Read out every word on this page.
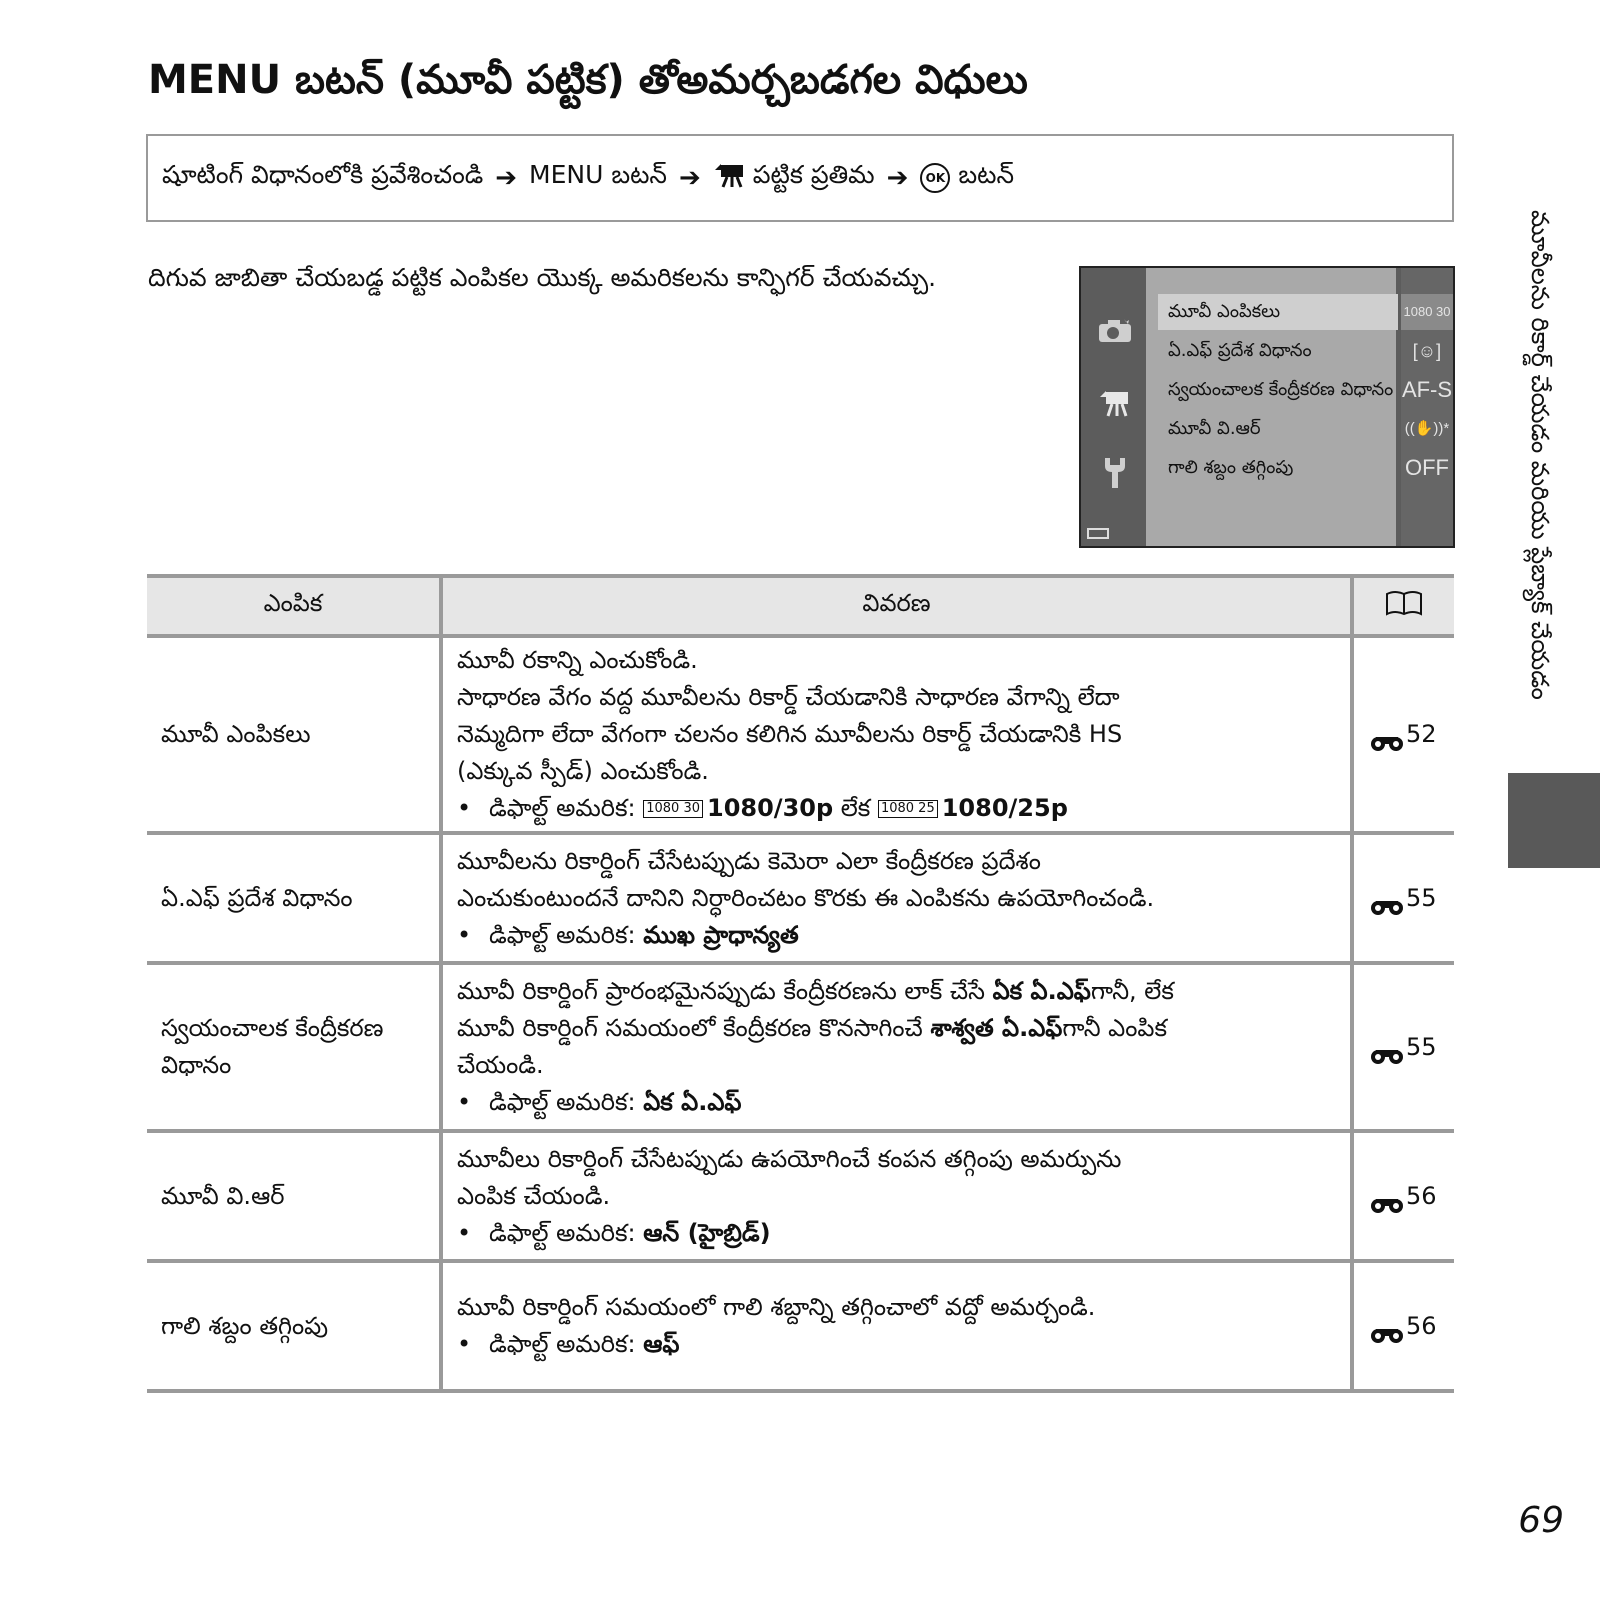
MENU బటన్ (మూవీ పట్టిక) తోఅమర్చబడగల విధులు
షూటింగ్ విధానంలోకి ప్రవేశించండి ➔ MENU బటన్ ➔ పట్టిక ప్రతిమ ➔	OK బటన్

దిగువ జాబితా చేయబడ్డ పట్టిక ఎంపికల యొక్క అమరికలను కాన్ఫిగర్ చేయవచ్చు.

మూవీ ఎంపికలు
ఏ.ఎఫ్ ప్రదేశ విధానం
స్వయంచాలక కేంద్రీకరణ విధానం
మూవీ వి.ఆర్
గాలి శబ్దం తగ్గింపు
1080 30
[☺]
AF-S
((✋))*
OFF
ఎంపిక	వివరణ	
మూవీ ఎంపికలు	మూవీ రకాన్ని ఎంచుకోండి.
సాధారణ వేగం వద్ద మూవీలను రికార్డ్ చేయడానికి సాధారణ వేగాన్ని లేదా
నెమ్మదిగా లేదా వేగంగా చలనం కలిగిన మూవీలను రికార్డ్ చేయడానికి HS
(ఎక్కువ స్పీడ్) ఎంచుకోండి.
• డిఫాల్ట్ అమరిక: 1080 30 1080/30p లేక 1080 25 1080/25p	52
ఏ.ఎఫ్ ప్రదేశ విధానం	మూవీలను రికార్డింగ్ చేసేటప్పుడు కెమెరా ఎలా కేంద్రీకరణ ప్రదేశం
ఎంచుకుంటుందనే దానిని నిర్ధారించటం కొరకు ఈ ఎంపికను ఉపయోగించండి.
• డిఫాల్ట్ అమరిక: ముఖ ప్రాధాన్యత	55
స్వయంచాలక కేంద్రీకరణ విధానం	మూవీ రికార్డింగ్ ప్రారంభమైనప్పుడు కేంద్రీకరణను లాక్ చేసే ఏక ఏ.ఎఫ్గానీ, లేక
మూవీ రికార్డింగ్ సమయంలో కేంద్రీకరణ కొనసాగించే శాశ్వత ఏ.ఎఫ్గానీ ఎంపిక
చేయండి.
• డిఫాల్ట్ అమరిక: ఏక ఏ.ఎఫ్	55
మూవీ వి.ఆర్	మూవీలు రికార్డింగ్ చేసేటప్పుడు ఉపయోగించే కంపన తగ్గింపు అమర్పును
ఎంపిక చేయండి.
• డిఫాల్ట్ అమరిక: ఆన్ (హైబ్రిడ్)	56
గాలి శబ్దం తగ్గింపు	మూవీ రికార్డింగ్ సమయంలో గాలి శబ్దాన్ని తగ్గించాలో వద్దో అమర్చండి.
• డిఫాల్ట్ అమరిక: ఆఫ్	56
మూవీలను రికార్డ్ చేయడం మరియు ప్లేబ్యాక్ చేయడం
69
